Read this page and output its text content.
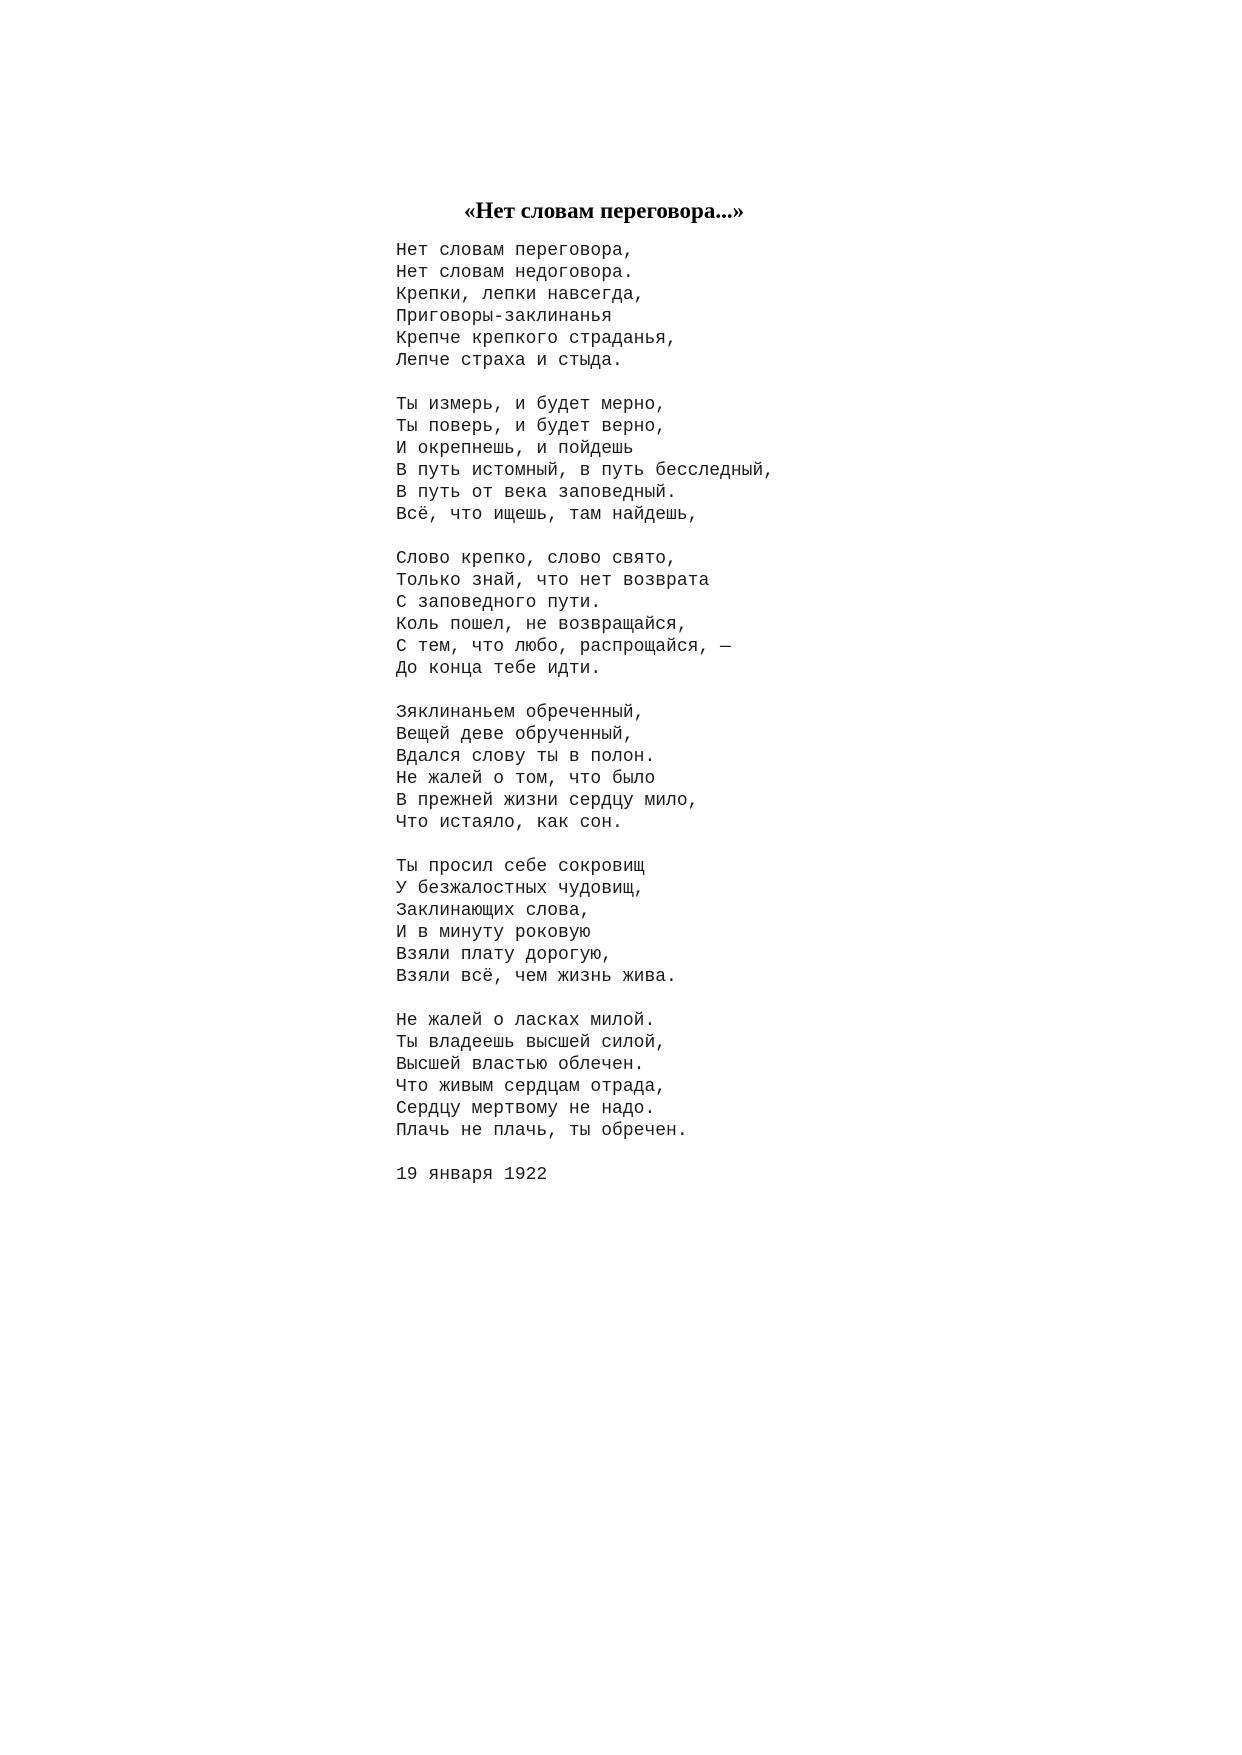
«Нет словам переговора...»
Нет словам переговора,
Нет словам недоговора.
Крепки, лепки навсегда,
Приговоры-заклинанья
Крепче крепкого страданья,
Лепче страха и стыда.
Ты измерь, и будет мерно,
Ты поверь, и будет верно,
И окрепнешь, и пойдешь
В путь истомный, в путь бесследный,
В путь от века заповедный.
Всё, что ищешь, там найдешь,
Слово крепко, слово свято,
Только знай, что нет возврата
С заповедного пути.
Коль пошел, не возвращайся,
С тем, что любо, распрощайся, —
До конца тебе идти.
Зяклинаньем обреченный,
Вещей деве обрученный,
Вдался слову ты в полон.
Не жалей о том, что было
В прежней жизни сердцу мило,
Что истаяло, как сон.
Ты просил себе сокровищ
У безжалостных чудовищ,
Заклинающих слова,
И в минуту роковую
Взяли плату дорогую,
Взяли всё, чем жизнь жива.
Не жалей о ласках милой.
Ты владеешь высшей силой,
Высшей властью облечен.
Что живым сердцам отрада,
Сердцу мертвому не надо.
Плачь не плачь, ты обречен.
19 января 1922
